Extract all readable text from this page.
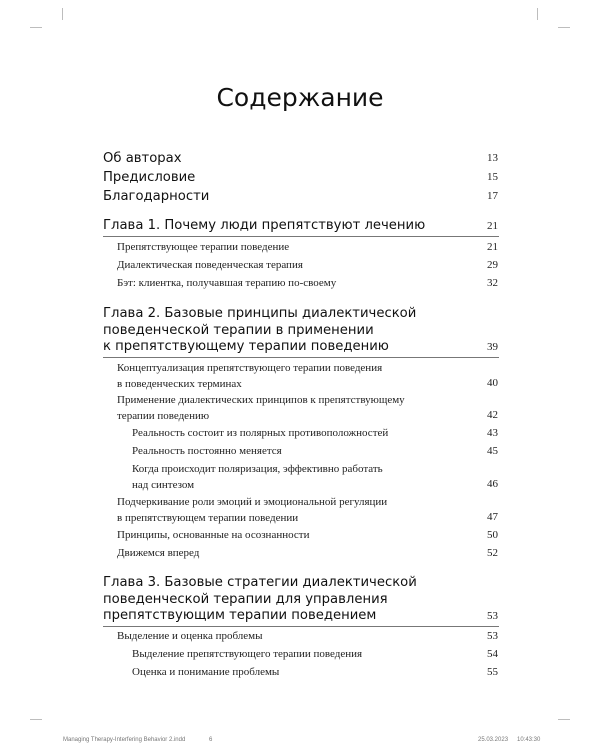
Содержание
Об авторах	13
Предисловие	15
Благодарности	17
Глава 1. Почему люди препятствуют лечению	21
Препятствующее терапии поведение	21
Диалектическая поведенческая терапия	29
Бэт: клиентка, получавшая терапию по-своему	32
Глава 2. Базовые принципы диалектической
поведенческой терапии в применении
к препятствующему терапии поведению	39
Концептуализация препятствующего терапии поведения
в поведенческих терминах	40
Применение диалектических принципов к препятствующему
терапии поведению	42
Реальность состоит из полярных противоположностей	43
Реальность постоянно меняется	45
Когда происходит поляризация, эффективно работать
над синтезом	46
Подчеркивание роли эмоций и эмоциональной регуляции
в препятствующем терапии поведении	47
Принципы, основанные на осознанности	50
Движемся вперед	52
Глава 3. Базовые стратегии диалектической
поведенческой терапии для управления
препятствующим терапии поведением	53
Выделение и оценка проблемы	53
Выделение препятствующего терапии поведения	54
Оценка и понимание проблемы	55
Managing Therapy-Interfering Behavior 2.indd	6	25.03.2023 10:43:30
